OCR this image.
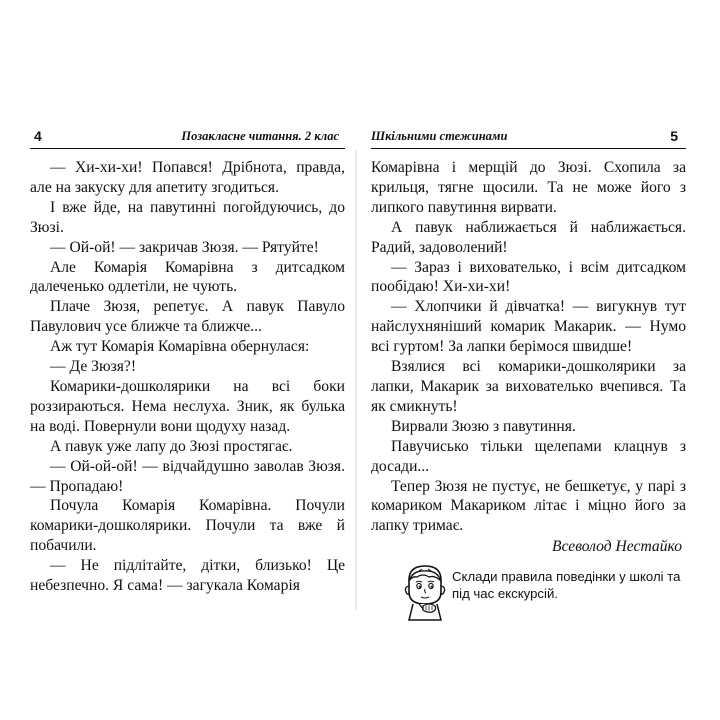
4	Позакласне читання. 2 клас

— Хи-хи-хи! Попався! Дрібнота, правда, але на закуску для апетиту згодиться.

І вже йде, на павутинні погойдуючись, до Зюзі.

— Ой-ой! — закричав Зюзя. — Рятуйте!

Але Комарія Комарівна з дитсадком далеченько одлетіли, не чують.

Плаче Зюзя, репетує. А павук Павуло Павулович усе ближче та ближче...

Аж тут Комарія Комарівна обернулася:

— Де Зюзя?!

Комарики-дошколярики на всі боки роззираються. Нема неслуха. Зник, як булька на воді. Повернули вони щодуху назад.

А павук уже лапу до Зюзі простягає.

— Ой-ой-ой! — відчайдушно заволав Зюзя. — Пропадаю!

Почула Комарія Комарівна. Почули комарики-дошколярики. Почули та вже й побачили.

— Не підлітайте, дітки, близько! Це небезпечно. Я сама! — загукала Комарія

Шкільними стежинами	5

Комарівна і мерщій до Зюзі. Схопила за крильця, тягне щосили. Та не може його з липкого павутиння вирвати.

А павук наближається й наближається. Радий, задоволений!

— Зараз і вихователько, і всім дитсадком пообідаю! Хи-хи-хи!

— Хлопчики й дівчатка! — вигукнув тут найслухняніший комарик Макарик. — Нумо всі гуртом! За лапки берімося швидше!

Взялися всі комарики-дошколярики за лапки, Макарик за вихователько вчепився. Та як смикнуть!

Вирвали Зюзю з павутиння.

Павучисько тільки щелепами клацнув з досади...

Тепер Зюзя не пустує, не бешкетує, у парі з комариком Макариком літає і міцно його за лапку тримає.

Всеволод Нестайко
Склади правила поведінки у школі та під час екскурсій.
